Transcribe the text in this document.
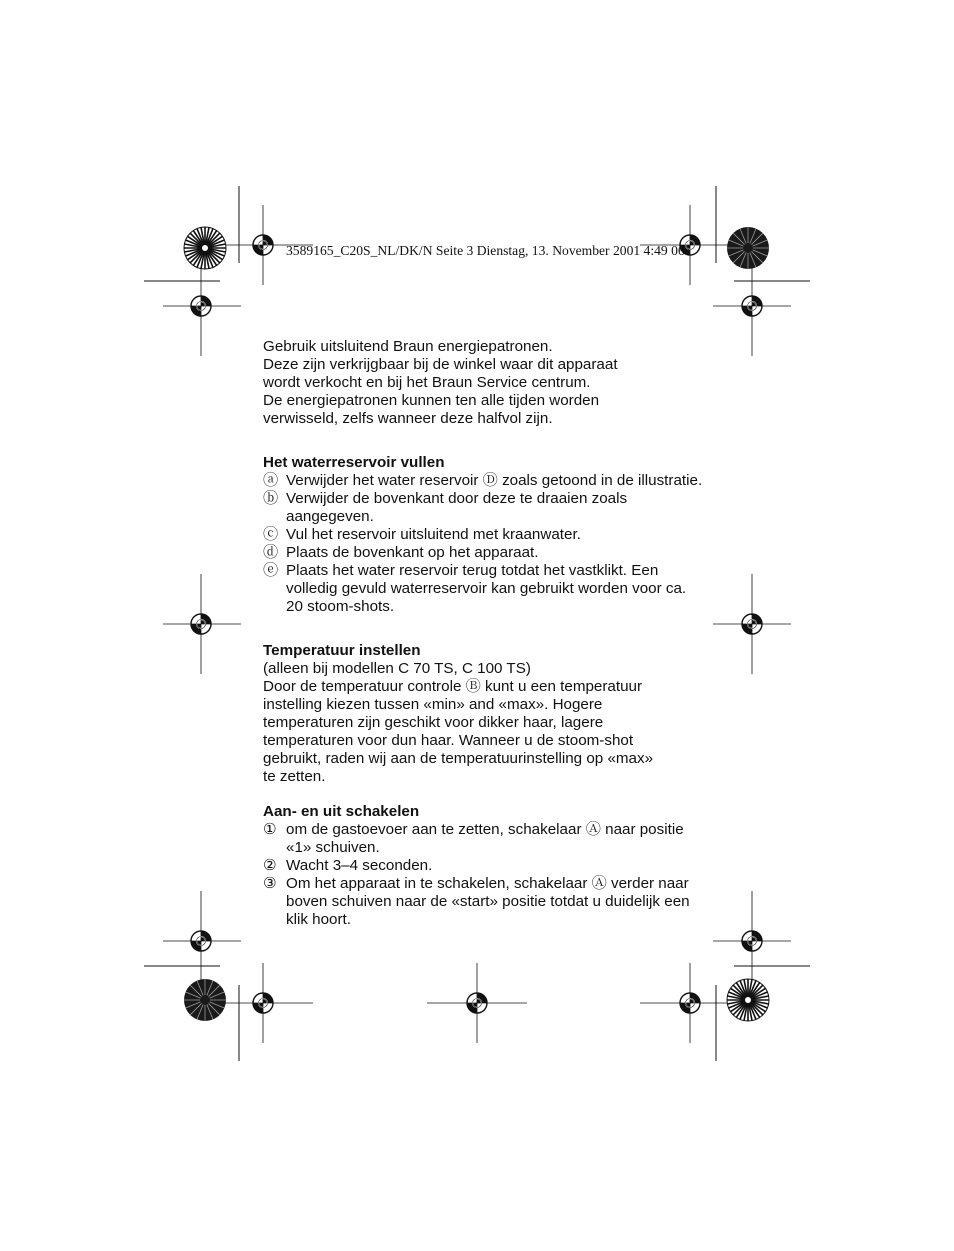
3589165_C20S_NL/DK/N Seite 3 Dienstag, 13. November 2001 4:49 06

Gebruik uitsluitend Braun energiepatronen.

Deze zijn verkrijgbaar bij de winkel waar dit apparaat

wordt verkocht en bij het Braun Service centrum.

De energiepatronen kunnen ten alle tijden worden

verwisseld, zelfs wanneer deze halfvol zijn.

Het waterreservoir vullen
ⓐ Verwijder het water reservoir Ⓓ zoals getoond in de illustratie.
ⓑ Verwijder de bovenkant door deze te draaien zoals aangegeven.
ⓒ Vul het reservoir uitsluitend met kraanwater.
ⓓ Plaats de bovenkant op het apparaat.
ⓔ Plaats het water reservoir terug totdat het vastklikt. Een volledig gevuld waterreservoir kan gebruikt worden voor ca. 20 stoom-shots.
Temperatuur instellen

(alleen bij modellen C 70 TS, C 100 TS)

Door de temperatuur controle Ⓑ kunt u een temperatuur

instelling kiezen tussen «min» and «max». Hogere

temperaturen zijn geschikt voor dikker haar, lagere

temperaturen voor dun haar. Wanneer u de stoom-shot

gebruikt, raden wij aan de temperatuurinstelling op «max»

te zetten.

Aan- en uit schakelen
① om de gastoevoer aan te zetten, schakelaar Ⓐ naar positie «1» schuiven.
② Wacht 3–4 seconden.
③ Om het apparaat in te schakelen, schakelaar Ⓐ verder naar boven schuiven naar de «start» positie totdat u duidelijk een klik hoort.
